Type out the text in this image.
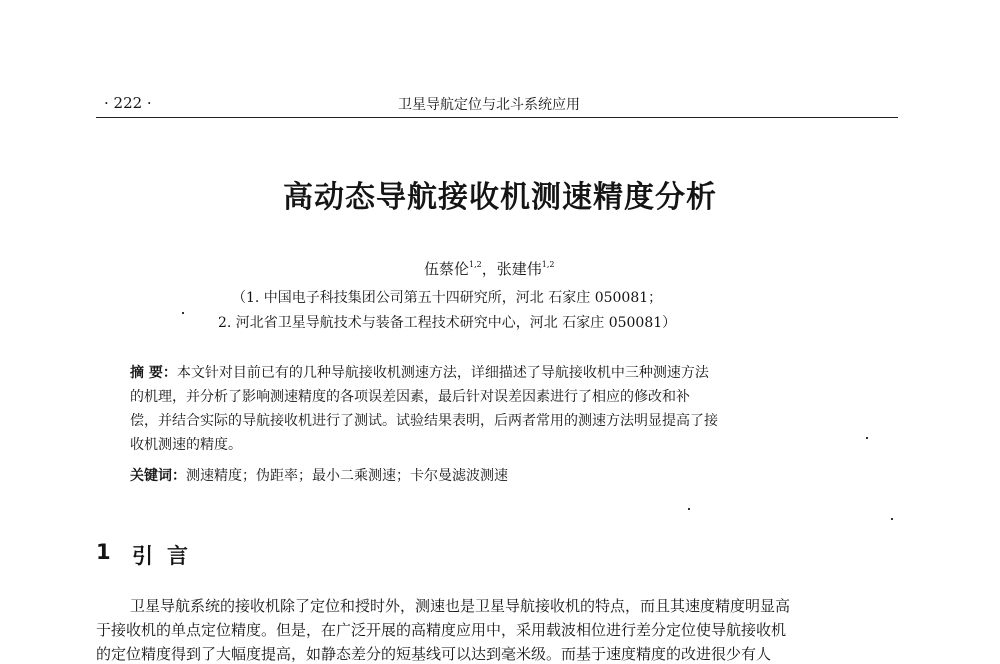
· 222 ·	卫星导航定位与北斗系统应用
高动态导航接收机测速精度分析
伍蔡伦$^{1,2}$，张建伟$^{1,2}$
（1. 中国电子科技集团公司第五十四研究所，河北 石家庄 050081；
2. 河北省卫星导航技术与装备工程技术研究中心，河北 石家庄 050081）
摘 要：本文针对目前已有的几种导航接收机测速方法，详细描述了导航接收机中三种测速方法
的机理，并分析了影响测速精度的各项误差因素，最后针对误差因素进行了相应的修改和补
偿，并结合实际的导航接收机进行了测试。试验结果表明，后两者常用的测速方法明显提高了接
收机测速的精度。
关键词：测速精度；伪距率；最小二乘测速；卡尔曼滤波测速
1 引言
卫星导航系统的接收机除了定位和授时外，测速也是卫星导航接收机的特点，而且其速度精度明显高
于接收机的单点定位精度。但是，在广泛开展的高精度应用中，采用载波相位进行差分定位使导航接收机
的定位精度得到了大幅度提高，如静态差分的短基线可以达到毫米级。而基于速度精度的改进很少有人
